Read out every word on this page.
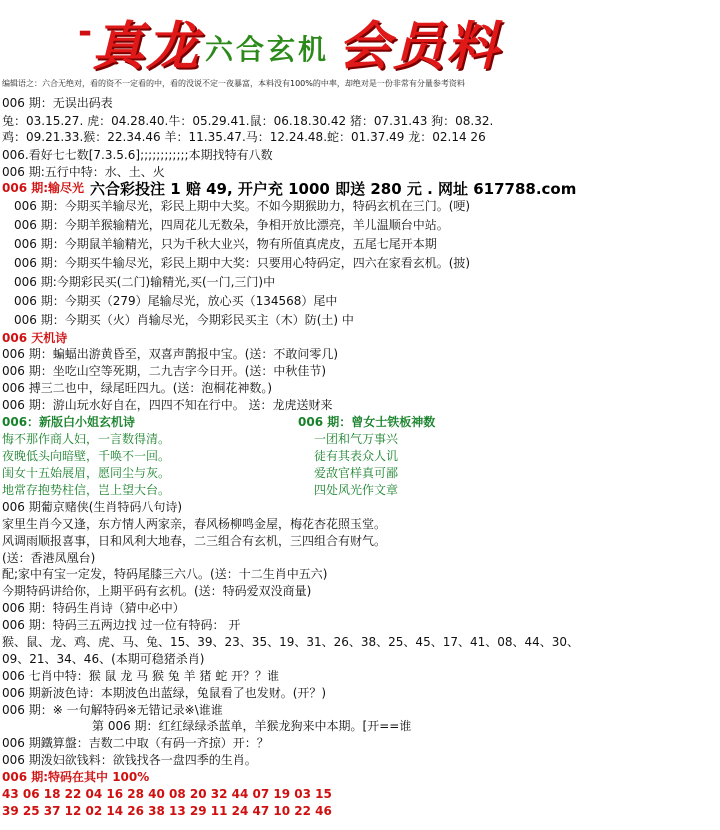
- 真龙 六合玄机 会员料
编辑语之：六合无绝对，看的资不一定看的中，看的没说不定一夜暴富，本料没有100%的中率，却绝对是一份非常有分量参考资料
006 期：无误出码表
兔：03.15.27. 虎：04.28.40.牛：05.29.41.鼠：06.18.30.42 猪：07.31.43 狗：08.32.
鸡：09.21.33.猴：22.34.46 羊：11.35.47.马：12.24.48.蛇：01.37.49 龙：02.14 26
006.看好七七数[7.3.5.6];;;;;;;;;;;;本期找特有八数
006 期:五行中特：水、土、火
006 期:输尽光 六合彩投注 1 赔 49, 开户充 1000 即送 280 元 . 网址 617788.com
006 期：今期买羊输尽光，彩民上期中大奖。不如今期猴助力，特码玄机在三门。(哽)
006 期：今期羊猴输精光，四周花儿无数朵，争相开放比漂亮，羊儿温顺台中站。
006 期：今期鼠羊输精光，只为千秋大业兴，物有所值真虎皮，五尾七尾开本期
006 期：今期买牛输尽光，彩民上期中大奖：只要用心特码定，四六在家看玄机。(披)
006 期:今期彩民买(二门)输精光,买(一门,三门)中
006 期：今期买（279）尾输尽光，放心买（134568）尾中
006 期：今期买（火）肖输尽光，今期彩民买主（木）防(土) 中
006 天机诗
006 期：蝙蝠出游黄昏至，双喜声鹊报中宝。(送：不敢问零几)
006 期：坐吃山空等死期，二九吉字今日开。(送：中秋佳节)
006 搏三二也中，绿尾旺四九。(送：泡桐花神数。)
006 期：游山玩水好自在，四四不知在行中。 送：龙虎送财来
006：新版白小姐玄机诗	006 期：曾女士铁板神数
悔不那作商人妇，一言数得清。
夜晚低头向暗壁，千唤不一回。
闺女十五始展眉，愿同尘与灰。
地常存抱势柱信，岂上望大台。
一团和气万事兴
徒有其表众人讥
爱敌官样真可鄙
四处风光作文章
006 期葡京赌侠(生肖特码八句诗)
家里生肖今又逢，东方情人两家亲，春风杨柳鸣金屋，梅花杏花照玉堂。
风调雨顺报喜事，日和风利大地春，二三组合有玄机，三四组合有财气。
(送：香港凤凰台)
配;家中有宝一定发，特码尾膝三六八。(送：十二生肖中五六)
今期特码讲给你，上期平码有玄机。(送：特码爱双没商量)
006 期：特码生肖诗（猜中必中）
006 期：特码三五两边找 过一位有特码： 开
猴、鼠、龙、鸡、虎、马、兔、15、39、23、35、19、31、26、38、25、45、17、41、08、44、30、
09、21、34、46、(本期可稳猪杀肖)
006 七肖中特：猴 鼠 龙 马 猴 兔 羊 猪 蛇 开？？谁
006 期新波色诗：本期波色出蓝绿，兔鼠看了也发财。(开？)
006 期：※ 一句解特码※无错记录※\谁谁
第 006 期：红红绿绿杀蓝单，羊猴龙狗来中本期。[开==谁
006 期鐵算盤：吉数二中取（有码一齐掠）开：？
006 期泼妇欲钱料：欲钱找各一盘四季的生肖。
006 期:特码在其中 100%
43 06 18 22 04 16 28 40 08 20 32 44 07 19 03 15
39 25 37 12 02 14 26 38 13 29 11 24 47 10 22 46
